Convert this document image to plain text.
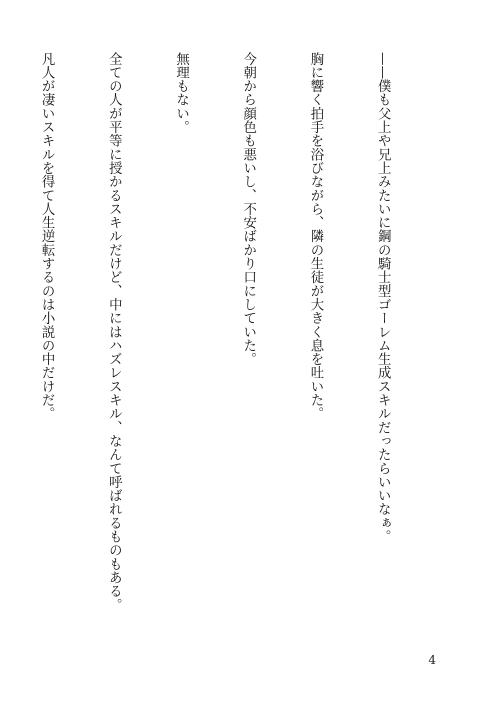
——僕も父上や兄上みたいに鋼の騎士型ゴーレム生成スキルだったらいいなぁ。

胸に響く拍手を浴びながら、隣の生徒が大きく息を吐いた。

今朝から顔色も悪いし、不安ばかり口にしていた。

無理もない。

全ての人が平等に授かるスキルだけど、中にはハズレスキル、なんて呼ばれるものもある。

凡人が凄いスキルを得て人生逆転するのは小説の中だけだ。

4
